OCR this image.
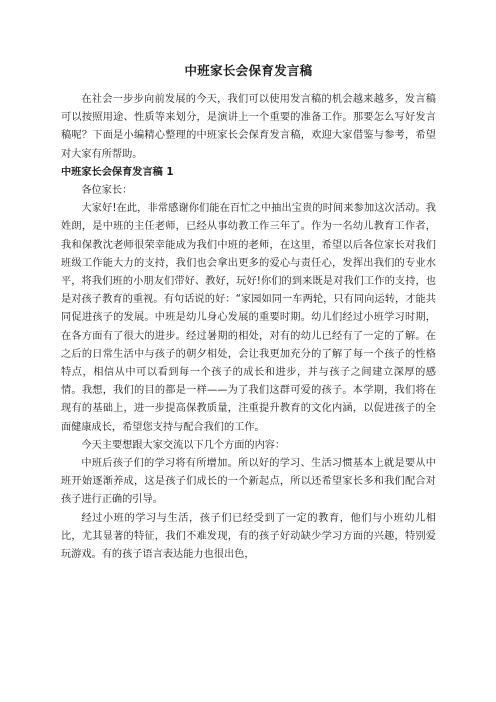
中班家长会保育发言稿

在社会一步步向前发展的今天，我们可以使用发言稿的机会越来越多，发言稿可以按照用途、性质等来划分，是演讲上一个重要的准备工作。那要怎么写好发言稿呢？下面是小编精心整理的中班家长会保育发言稿，欢迎大家借鉴与参考，希望对大家有所帮助。

中班家长会保育发言稿 1

各位家长：

大家好!在此，非常感谢你们能在百忙之中抽出宝贵的时间来参加这次活动。我姓朗，是中班的主任老师，已经从事幼教工作三年了。作为一名幼儿教育工作者，我和保教沈老师很荣幸能成为我们中班的老师，在这里，希望以后各位家长对我们班级工作能大力的支持，我们也会拿出更多的爱心与责任心，发挥出我们的专业水平，将我们班的小朋友们带好、教好，玩好!你们的到来既是对我们工作的支持，也是对孩子教育的重视。有句话说的好：“家园如同一车两轮，只有同向运转，才能共同促进孩子的发展。中班是幼儿身心发展的重要时期。幼儿们经过小班学习时期，在各方面有了很大的进步。经过暑期的相处，对有的幼儿已经有了一定的了解。在之后的日常生活中与孩子的朝夕相处，会让我更加充分的了解了每一个孩子的性格特点，相信从中可以看到每一个孩子的成长和进步，并与孩子之间建立深厚的感情。我想，我们的目的都是一样——为了我们这群可爱的孩子。本学期，我们将在现有的基础上，进一步提高保教质量，注重提升教育的文化内涵，以促进孩子的全面健康成长，希望您支持与配合我们的工作。

今天主要想跟大家交流以下几个方面的内容：

中班后孩子们的学习将有所增加。所以好的学习、生活习惯基本上就是要从中班开始逐渐养成，这是孩子们成长的一个新起点，所以还希望家长多和我们配合对孩子进行正确的引导。

经过小班的学习与生活，孩子们已经受到了一定的教育，他们与小班幼儿相比，尤其显著的特征，我们不难发现，有的孩子好动缺少学习方面的兴趣，特别爱玩游戏。有的孩子语言表达能力也很出色，
